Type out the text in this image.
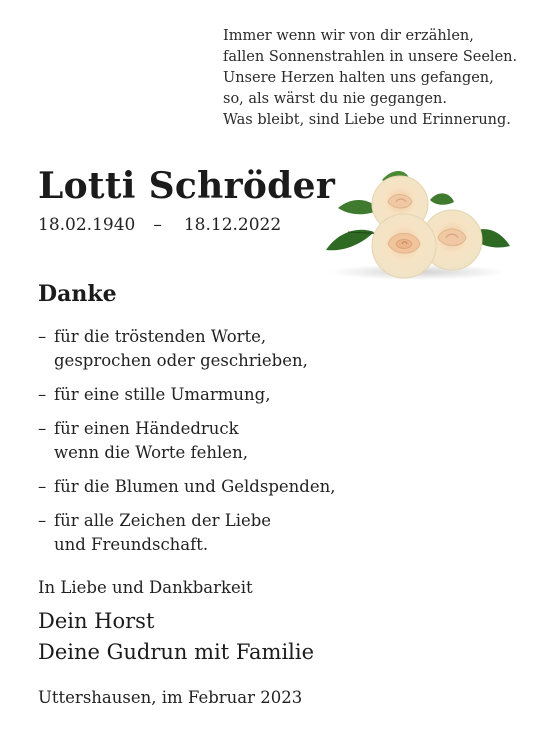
Immer wenn wir von dir erzählen,
fallen Sonnenstrahlen in unsere Seelen.
Unsere Herzen halten uns gefangen,
so, als wärst du nie gegangen.
Was bleibt, sind Liebe und Erinnerung.
Lotti Schröder
18.02.1940 – 18.12.2022
Danke
– für die tröstenden Worte,
gesprochen oder geschrieben,
– für eine stille Umarmung,
– für einen Händedruck
wenn die Worte fehlen,
– für die Blumen und Geldspenden,
– für alle Zeichen der Liebe
und Freundschaft.
In Liebe und Dankbarkeit
Dein Horst
Deine Gudrun mit Familie
Uttershausen, im Februar 2023
